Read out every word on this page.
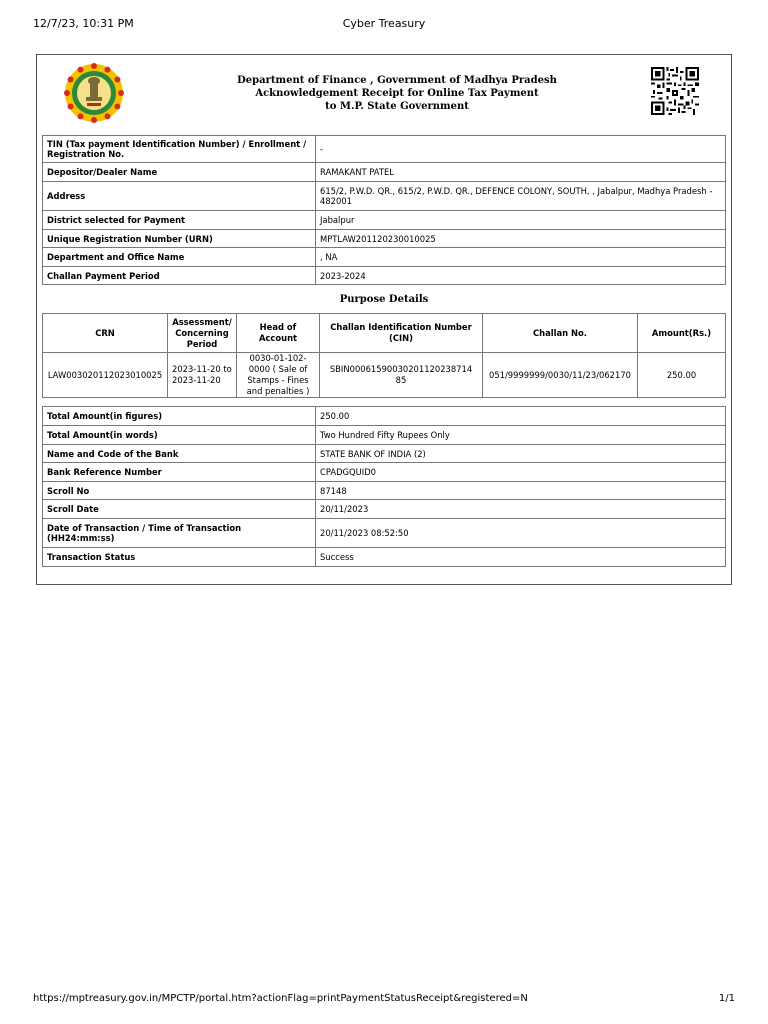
12/7/23, 10:31 PM	Cyber Treasury
Department of Finance , Government of Madhya Pradesh
Acknowledgement Receipt for Online Tax Payment
to M.P. State Government
TIN (Tax payment Identification Number) / Enrollment / Registration No.	-
Depositor/Dealer Name	RAMAKANT PATEL
Address	615/2, P.W.D. QR., 615/2, P.W.D. QR., DEFENCE COLONY, SOUTH, , Jabalpur, Madhya Pradesh - 482001
District selected for Payment	Jabalpur
Unique Registration Number (URN)	MPTLAW201120230010025
Department and Office Name	, NA
Challan Payment Period	2023-2024
Purpose Details
CRN	Assessment/ Concerning Period	Head of Account	Challan Identification Number (CIN)	Challan No.	Amount(Rs.)
LAW003020112023010025	2023-11-20 to 2023-11-20	0030-01-102-0000 ( Sale of Stamps - Fines and penalties )	SBIN00061590030201120238714 85	051/9999999/0030/11/23/062170	250.00
Total Amount(in figures)	250.00
Total Amount(in words)	Two Hundred Fifty Rupees Only
Name and Code of the Bank	STATE BANK OF INDIA (2)
Bank Reference Number	CPADGQUID0
Scroll No	87148
Scroll Date	20/11/2023
Date of Transaction / Time of Transaction (HH24:mm:ss)	20/11/2023 08:52:50
Transaction Status	Success
https://mptreasury.gov.in/MPCTP/portal.htm?actionFlag=printPaymentStatusReceipt&registered=N	1/1
